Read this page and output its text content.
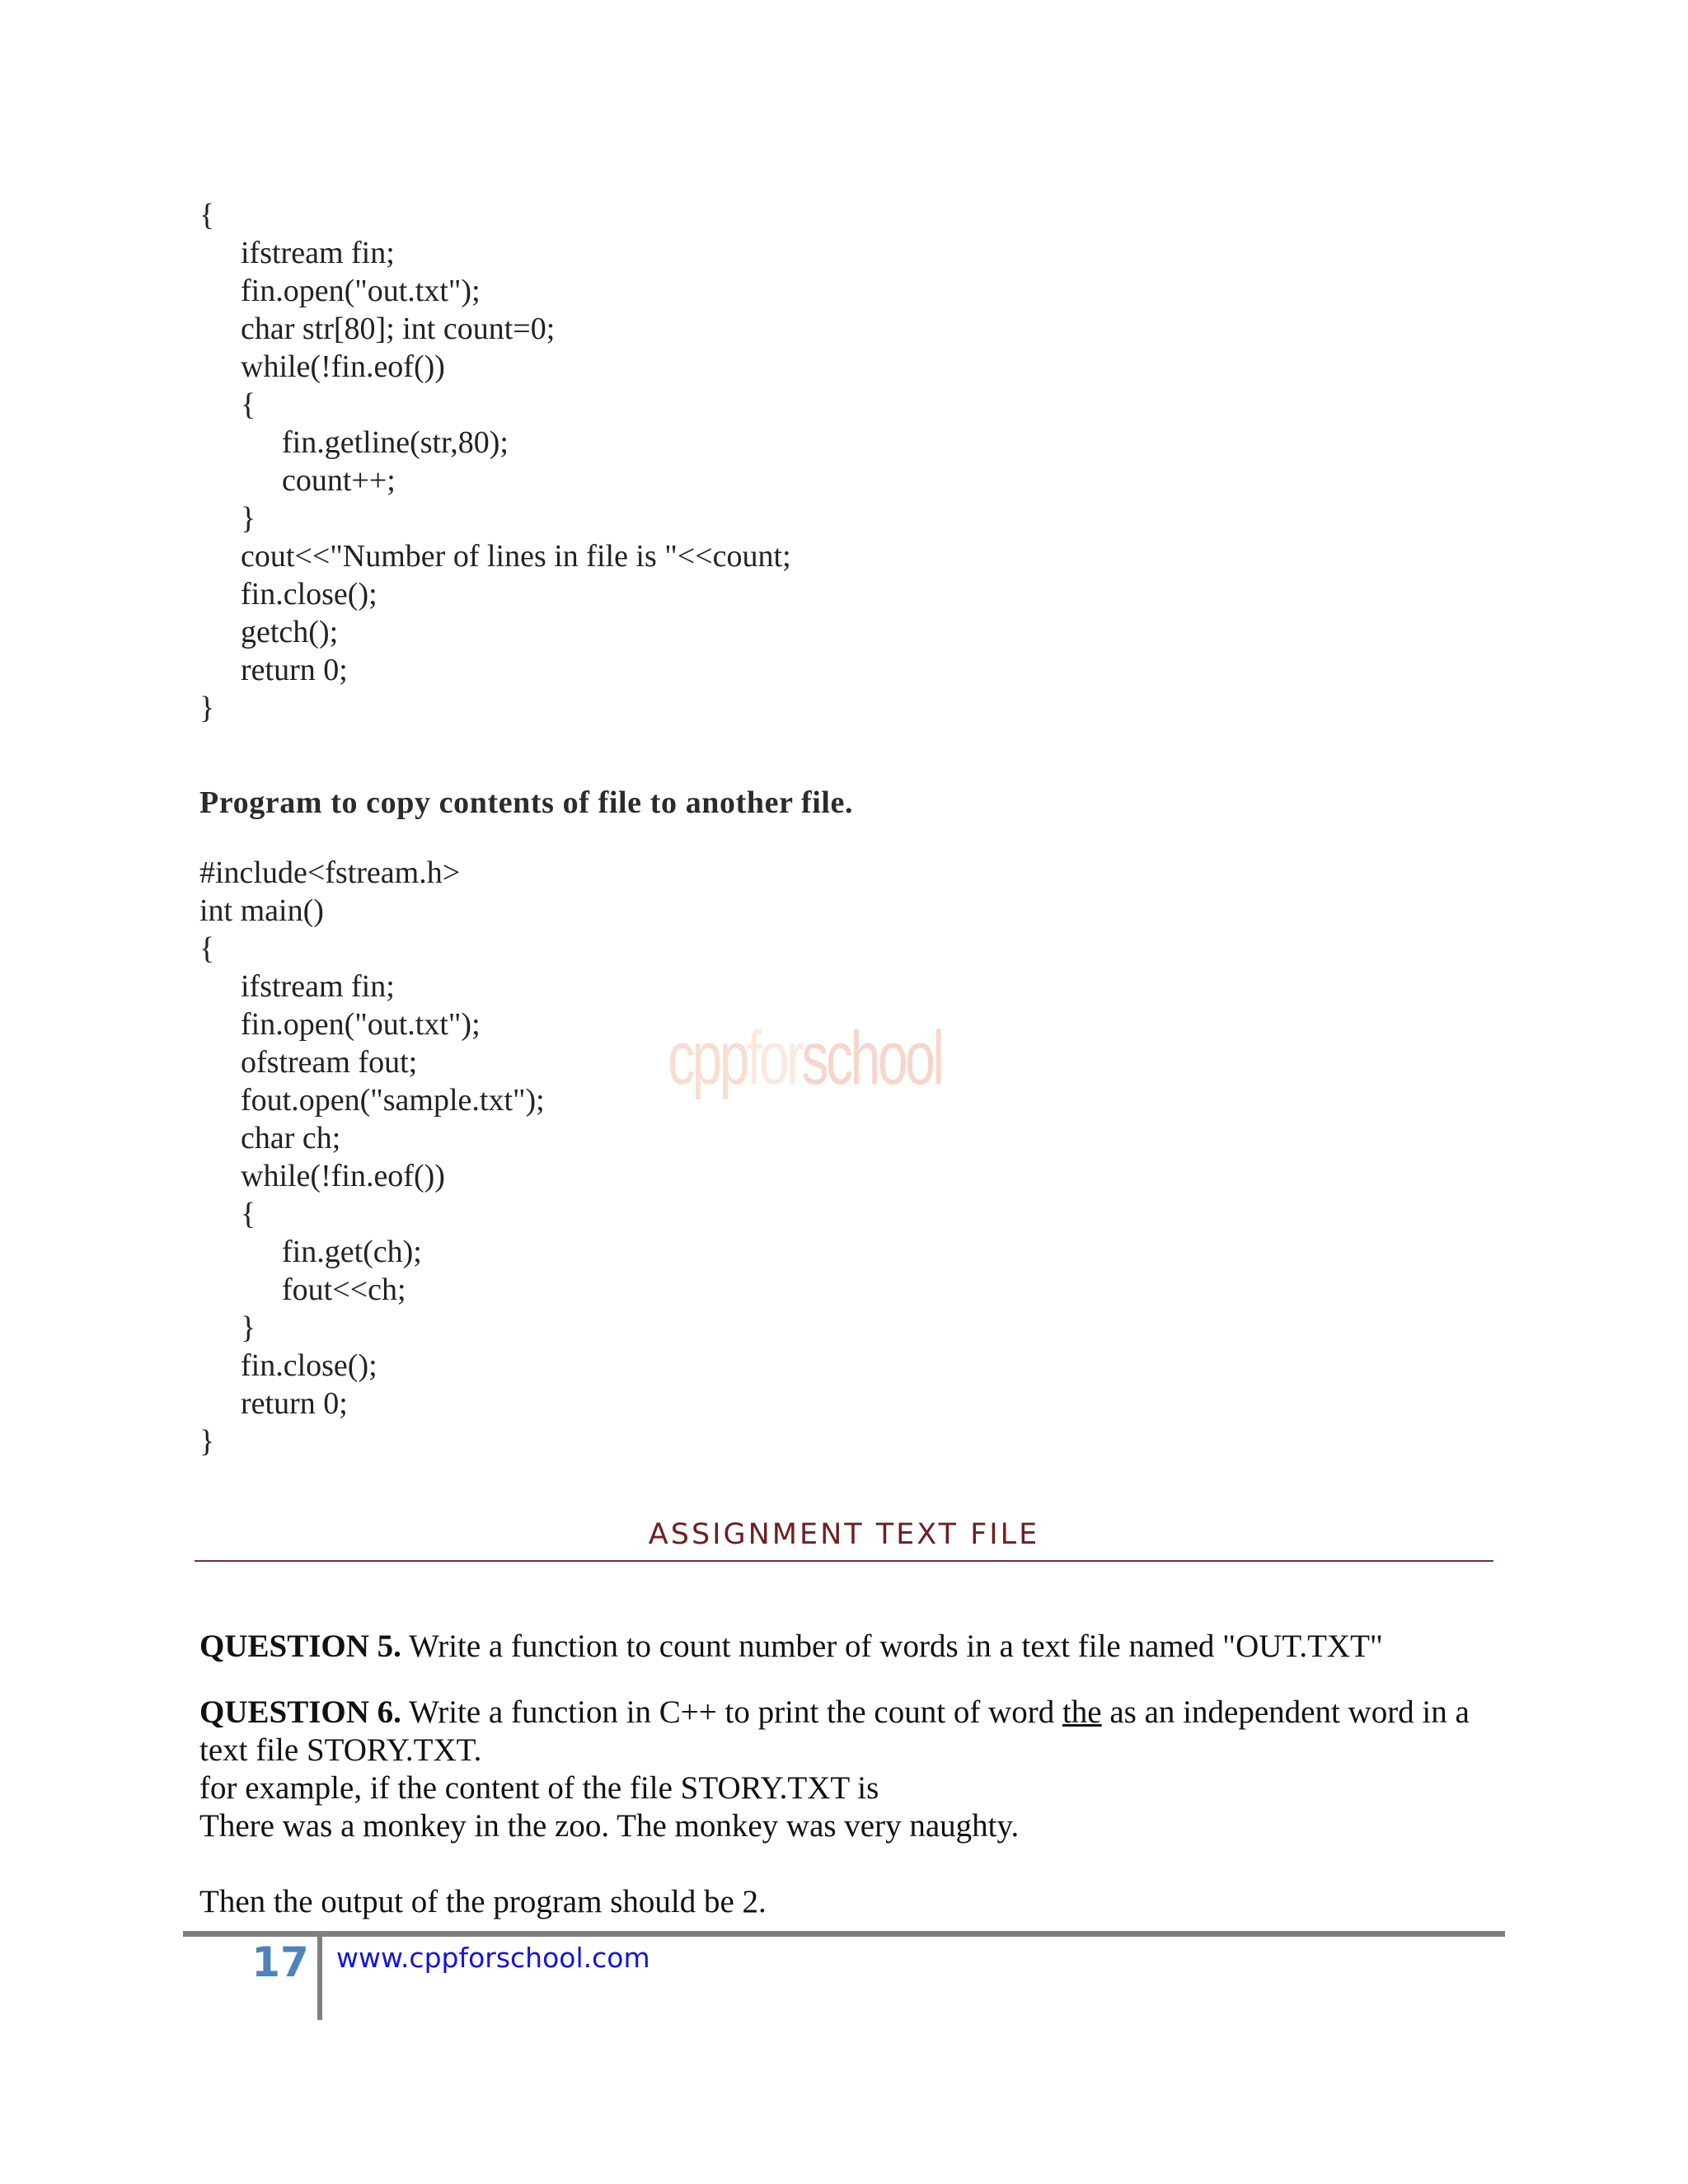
{
ifstream fin;
fin.open("out.txt");
char str[80]; int count=0;
while(!fin.eof())
{
fin.getline(str,80);
count++;
}
cout<<"Number of lines in file is "<<count;
fin.close();
getch();
return 0;
}
Program to copy contents of file to another file.
#include<fstream.h>
int main()
{
ifstream fin;
fin.open("out.txt");
ofstream fout;
fout.open("sample.txt");
char ch;
while(!fin.eof())
{
fin.get(ch);
fout<<ch;
}
fin.close();
return 0;
}
cppforschool
ASSIGNMENT TEXT FILE
QUESTION 5. Write a function to count number of words in a text file named "OUT.TXT"
QUESTION 6. Write a function in C++ to print the count of word the as an independent word in a text file STORY.TXT.
for example, if the content of the file STORY.TXT is
There was a monkey in the zoo. The monkey was very naughty.
Then the output of the program should be 2.
17 www.cppforschool.com
